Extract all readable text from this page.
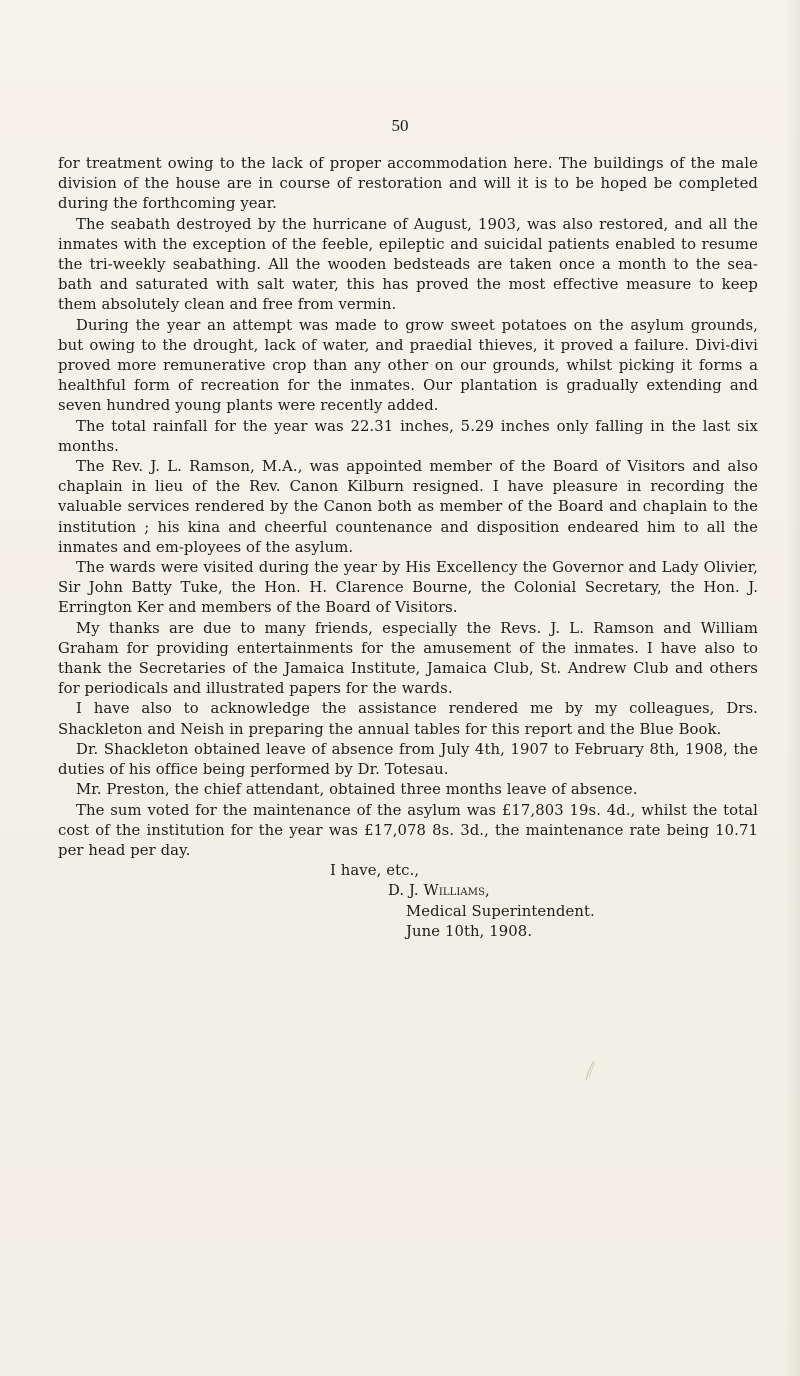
50

for treatment owing to the lack of proper accommodation here. The buildings of the male division of the house are in course of restoration and will it is to be hoped be completed during the forthcoming year.

The seabath destroyed by the hurricane of August, 1903, was also restored, and all the inmates with the exception of the feeble, epileptic and suicidal patients enabled to resume the tri-weekly seabathing. All the wooden bedsteads are taken once a month to the sea-bath and saturated with salt water, this has proved the most effective measure to keep them absolutely clean and free from vermin.

During the year an attempt was made to grow sweet potatoes on the asylum grounds, but owing to the drought, lack of water, and praedial thieves, it proved a failure. Divi-divi proved more remunerative crop than any other on our grounds, whilst picking it forms a healthful form of recreation for the inmates. Our plantation is gradually extending and seven hundred young plants were recently added.

The total rainfall for the year was 22.31 inches, 5.29 inches only falling in the last six months.

The Rev. J. L. Ramson, M.A., was appointed member of the Board of Visitors and also chaplain in lieu of the Rev. Canon Kilburn resigned. I have pleasure in recording the valuable services rendered by the Canon both as member of the Board and chaplain to the institution ; his kina and cheerful countenance and disposition endeared him to all the inmates and em-ployees of the asylum.

The wards were visited during the year by His Excellency the Governor and Lady Olivier, Sir John Batty Tuke, the Hon. H. Clarence Bourne, the Colonial Secretary, the Hon. J. Errington Ker and members of the Board of Visitors.

My thanks are due to many friends, especially the Revs. J. L. Ramson and William Graham for providing entertainments for the amusement of the inmates. I have also to thank the Secretaries of the Jamaica Institute, Jamaica Club, St. Andrew Club and others for periodicals and illustrated papers for the wards.

I have also to acknowledge the assistance rendered me by my colleagues, Drs. Shackleton and Neish in preparing the annual tables for this report and the Blue Book.

Dr. Shackleton obtained leave of absence from July 4th, 1907 to February 8th, 1908, the duties of his office being performed by Dr. Totesau.

Mr. Preston, the chief attendant, obtained three months leave of absence.

The sum voted for the maintenance of the asylum was £17,803 19s. 4d., whilst the total cost of the institution for the year was £17,078 8s. 3d., the maintenance rate being 10.71 per head per day.

I have, etc.,

D. J. Williams,

Medical Superintendent.

June 10th, 1908.
